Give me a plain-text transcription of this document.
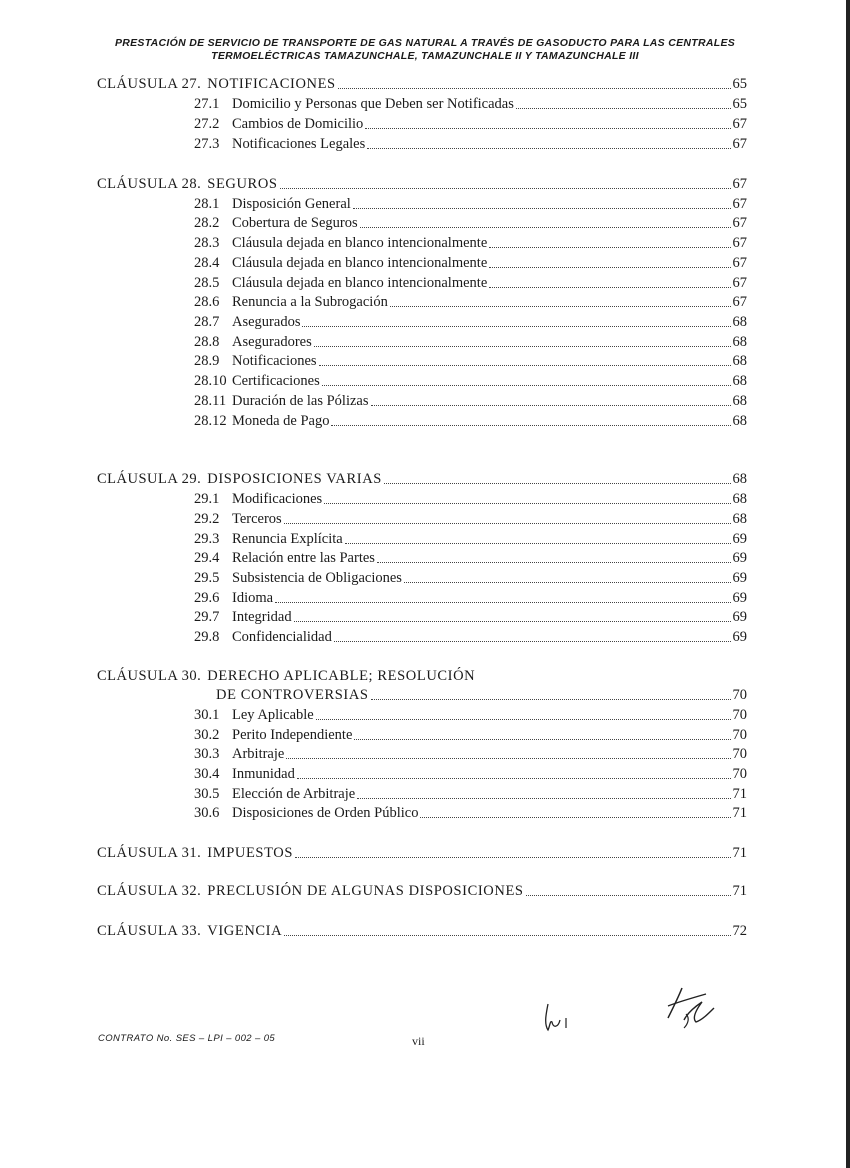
PRESTACIÓN DE SERVICIO DE TRANSPORTE DE GAS NATURAL A TRAVÉS DE GASODUCTO PARA LAS CENTRALES
TERMOELÉCTRICAS TAMAZUNCHALE, TAMAZUNCHALE II Y TAMAZUNCHALE III
CLÁUSULA 27. NOTIFICACIONES	65
27.1 Domicilio y Personas que Deben ser Notificadas	65
27.2 Cambios de Domicilio	67
27.3 Notificaciones Legales	67
CLÁUSULA 28. SEGUROS	67
28.1 Disposición General	67
28.2 Cobertura de Seguros	67
28.3 Cláusula dejada en blanco intencionalmente	67
28.4 Cláusula dejada en blanco intencionalmente	67
28.5 Cláusula dejada en blanco intencionalmente	67
28.6 Renuncia a la Subrogación	67
28.7 Asegurados	68
28.8 Aseguradores	68
28.9 Notificaciones	68
28.10 Certificaciones	68
28.11 Duración de las Pólizas	68
28.12 Moneda de Pago	68
CLÁUSULA 29. DISPOSICIONES VARIAS	68
29.1 Modificaciones	68
29.2 Terceros	68
29.3 Renuncia Explícita	69
29.4 Relación entre las Partes	69
29.5 Subsistencia de Obligaciones	69
29.6 Idioma	69
29.7 Integridad	69
29.8 Confidencialidad	69
CLÁUSULA 30. DERECHO APLICABLE; RESOLUCIÓN
DE CONTROVERSIAS	70
30.1 Ley Aplicable	70
30.2 Perito Independiente	70
30.3 Arbitraje	70
30.4 Inmunidad	70
30.5 Elección de Arbitraje	71
30.6 Disposiciones de Orden Público	71
CLÁUSULA 31. IMPUESTOS	71
CLÁUSULA 32. PRECLUSIÓN DE ALGUNAS DISPOSICIONES	71
CLÁUSULA 33. VIGENCIA	72
CONTRATO No. SES – LPI – 002 – 05	vii
